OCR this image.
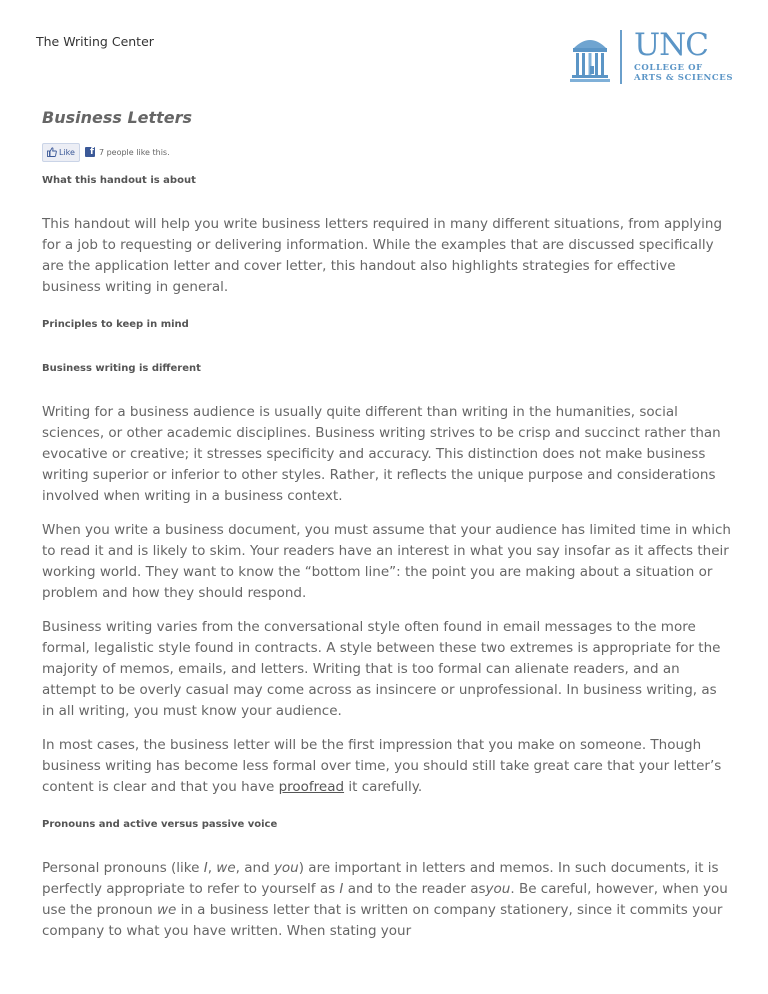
The Writing Center	UNC
COLLEGE OF
ARTS & SCIENCES
Business Letters
Like	f 7 people like this.
What this handout is about

This handout will help you write business letters required in many different situations, from applying for a job to requesting or delivering information. While the examples that are discussed specifically are the application letter and cover letter, this handout also highlights strategies for effective business writing in general.

Principles to keep in mind
Business writing is different

Writing for a business audience is usually quite different than writing in the humanities, social sciences, or other academic disciplines. Business writing strives to be crisp and succinct rather than evocative or creative; it stresses specificity and accuracy. This distinction does not make business writing superior or inferior to other styles. Rather, it reflects the unique purpose and considerations involved when writing in a business context.

When you write a business document, you must assume that your audience has limited time in which to read it and is likely to skim. Your readers have an interest in what you say insofar as it affects their working world. They want to know the “bottom line”: the point you are making about a situation or problem and how they should respond.

Business writing varies from the conversational style often found in email messages to the more formal, legalistic style found in contracts. A style between these two extremes is appropriate for the majority of memos, emails, and letters. Writing that is too formal can alienate readers, and an attempt to be overly casual may come across as insincere or unprofessional. In business writing, as in all writing, you must know your audience.

In most cases, the business letter will be the first impression that you make on someone. Though business writing has become less formal over time, you should still take great care that your letter’s content is clear and that you have proofread it carefully.

Pronouns and active versus passive voice

Personal pronouns (like I, we, and you) are important in letters and memos. In such documents, it is perfectly appropriate to refer to yourself as I and to the reader asyou. Be careful, however, when you use the pronoun we in a business letter that is written on company stationery, since it commits your company to what you have written. When stating your
